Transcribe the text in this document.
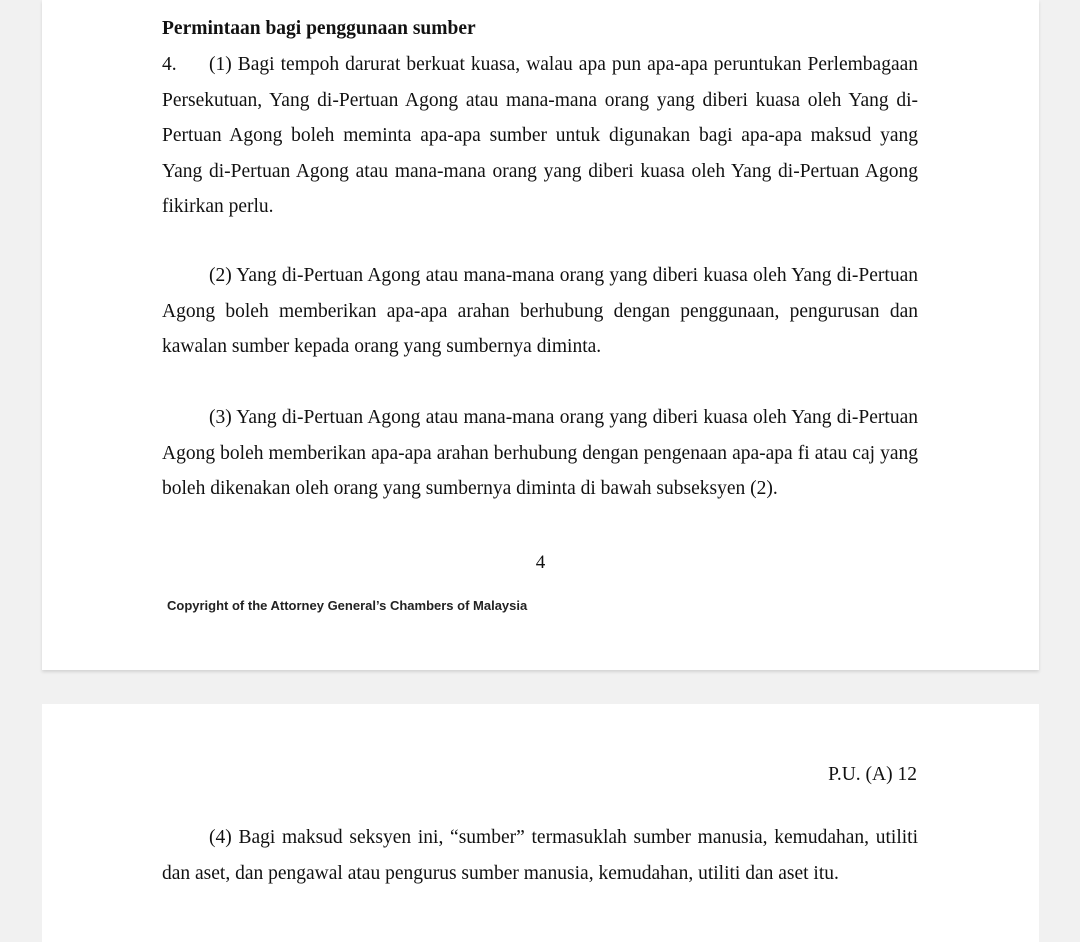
Permintaan bagi penggunaan sumber
4. (1) Bagi tempoh darurat berkuat kuasa, walau apa pun apa-apa peruntukan Perlembagaan Persekutuan, Yang di-Pertuan Agong atau mana-mana orang yang diberi kuasa oleh Yang di-Pertuan Agong boleh meminta apa-apa sumber untuk digunakan bagi apa-apa maksud yang Yang di-Pertuan Agong atau mana-mana orang yang diberi kuasa oleh Yang di-Pertuan Agong fikirkan perlu.
(2) Yang di-Pertuan Agong atau mana-mana orang yang diberi kuasa oleh Yang di-Pertuan Agong boleh memberikan apa-apa arahan berhubung dengan penggunaan, pengurusan dan kawalan sumber kepada orang yang sumbernya diminta.
(3) Yang di-Pertuan Agong atau mana-mana orang yang diberi kuasa oleh Yang di-Pertuan Agong boleh memberikan apa-apa arahan berhubung dengan pengenaan apa-apa fi atau caj yang boleh dikenakan oleh orang yang sumbernya diminta di bawah subseksyen (2).
4
Copyright of the Attorney General’s Chambers of Malaysia
P.U. (A) 12
(4) Bagi maksud seksyen ini, “sumber” termasuklah sumber manusia, kemudahan, utiliti dan aset, dan pengawal atau pengurus sumber manusia, kemudahan, utiliti dan aset itu.
